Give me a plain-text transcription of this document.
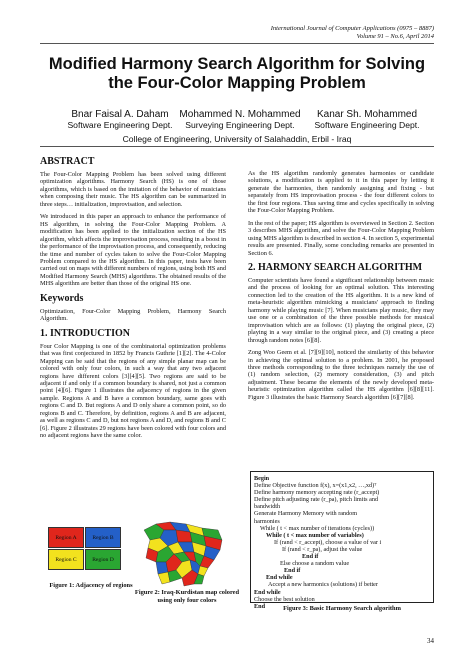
International Journal of Computer Applications (0975 – 8887)
Volume 91 – No.6, April 2014
Modified Harmony Search Algorithm for Solving the Four-Color Mapping Problem
Bnar Faisal A. Daham
Software Engineering Dept.
Mohammed N. Mohammed
Surveying Engineering Dept.
Kanar Sh. Mohammed
Software Engineering Dept.
College of Engineering, University of Salahaddin, Erbil - Iraq
ABSTRACT

The Four-Color Mapping Problem has been solved using different optimization algorithms. Harmony Search (HS) is one of those algorithms, which is based on the imitation of the behavior of musicians when composing their music. The HS algorithm can be summarized in three steps… initialization, improvisation, and selection.

We introduced in this paper an approach to enhance the performance of HS algorithm, in solving the Four-Color Mapping Problem. A modification has been applied to the initialization section of the HS algorithm, which affects the improvisation process, resulting in a boost in the performance of the improvisation process, and consequently, reducing the time and number of cycles taken to solve the Four-Color Mapping Problem compared to the HS algorithm. In this paper, tests have been carried out on maps with different numbers of regions, using both HS and Modified Harmony Search (MHS) algorithms. The obtained results of the MHS algorithm are better than those of the original HS one.

Keywords

Optimization, Four-Color Mapping Problem, Harmony Search Algorithm.

1. INTRODUCTION

Four Color Mapping is one of the combinatorial optimization problems that was first conjectured in 1852 by Francis Guthrie [1][2]. The 4-Color Mapping can be said that the regions of any simple planar map can be colored with only four colors, in such a way that any two adjacent regions have different colors [3][4][5]. Two regions are said to be adjacent if and only if a common boundary is shared, not just a common point [4][6]. Figure 1 illustrates the adjacency of regions in the given sample. Regions A and B have a common boundary, same goes with regions C and D. But regions A and D only share a common point, so do regions B and C. Therefore, by definition, regions A and B are adjacent, as well as regions C and D, but not regions A and D, and regions B and C [6]. Figure 2 illustrates 29 regions have been colored with four colors and no adjacent regions have the same color.

Region A	Region B
Region C	Region D
Figure 1: Adjacency of regions
Figure 2: Iraq-Kurdistan map colored using only four colors

As the HS algorithm randomly generates harmonies or candidate solutions, a modification is applied to it in this paper by letting it generate the harmonies, then randomly assigning and fixing - but separately from HS improvisation process - the four different colors to the first four regions. Thus saving time and cycles specifically in solving the Four-Color Mapping Problem.

In the rest of the paper; HS algorithm is overviewed in Section 2. Section 3 describes MHS algorithm, and solve the Four-Color Mapping Problem using MHS algorithm is described in section 4. In section 5, experimental results are presented. Finally, some concluding remarks are presented in Section 6.

2. HARMONY SEARCH ALGORITHM

Computer scientists have found a significant relationship between music and the process of looking for an optimal solution. This interesting connection led to the creation of the HS algorithm. It is a new kind of meta-heuristic algorithm mimicking a musicians' approach to finding harmony while playing music [7]. When musicians play music, they may use one or a combination of the three possible methods for musical improvisation which are as follows: (1) playing the original piece, (2) playing in a way similar to the original piece, and (3) creating a piece through random notes [6][8].

Zong Woo Geem et al. [7][9][10], noticed the similarity of this behavior in achieving the optimal solution to a problem. In 2001, he proposed three methods corresponding to the three techniques namely the use of (1) random selection, (2) memory consideration, (3) and pitch adjustment. These became the elements of the newly developed meta-heuristic optimization algorithm called the HS algorithm [6][8][11]. Figure 3 illustrates the basic Harmony Search algorithm [6][7][8].

Begin
Define Objective function f(x), x=(x1,x2, …,xd)ᵀ
Define harmony memory accepting rate (r_accept)
Define pitch adjusting rate (r_pa), pitch limits and
bandwidth
Generate Harmony Memory with random
harmonies
While ( t < max number of iterations (cycles))
While ( t < max number of variables)
If (rand < r_accept), choose a value of var i
If (rand < r_pa), adjust the value
End if
Else choose a random value
End if
End while
Accept a new harmonics (solutions) if better
End while
Choose the best solution
End	Figure 3: Basic Harmony Search algorithm
34
